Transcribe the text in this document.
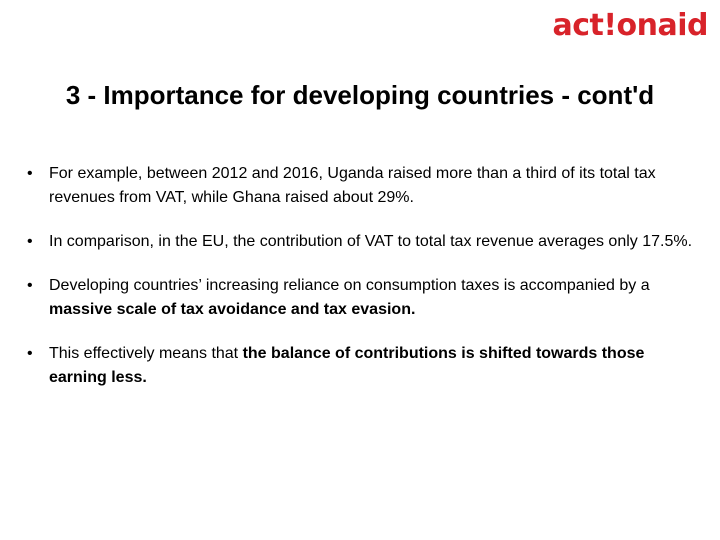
act!onaid
3 - Importance for developing countries - cont'd
• For example, between 2012 and 2016, Uganda raised more than a third of its total tax revenues from VAT, while Ghana raised about 29%.
• In comparison, in the EU, the contribution of VAT to total tax revenue averages only 17.5%.
• Developing countries’ increasing reliance on consumption taxes is accompanied by a massive scale of tax avoidance and tax evasion.
• This effectively means that the balance of contributions is shifted towards those earning less.
